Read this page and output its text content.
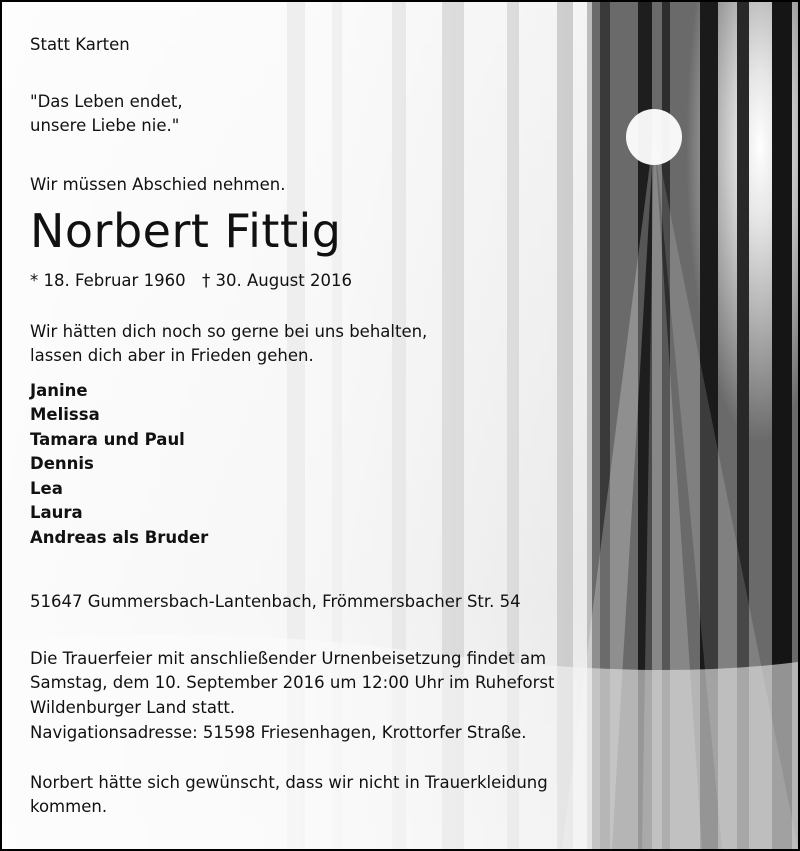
Statt Karten
"Das Leben endet,
unsere Liebe nie."
Wir müssen Abschied nehmen.
Norbert Fittig
* 18. Februar 1960 † 30. August 2016
Wir hätten dich noch so gerne bei uns behalten,
lassen dich aber in Frieden gehen.
Janine
Melissa
Tamara und Paul
Dennis
Lea
Laura
Andreas als Bruder
51647 Gummersbach-Lantenbach, Frömmersbacher Str. 54
Die Trauerfeier mit anschließender Urnenbeisetzung findet am
Samstag, dem 10. September 2016 um 12:00 Uhr im Ruheforst
Wildenburger Land statt.
Navigationsadresse: 51598 Friesenhagen, Krottorfer Straße.
Norbert hätte sich gewünscht, dass wir nicht in Trauerkleidung
kommen.
